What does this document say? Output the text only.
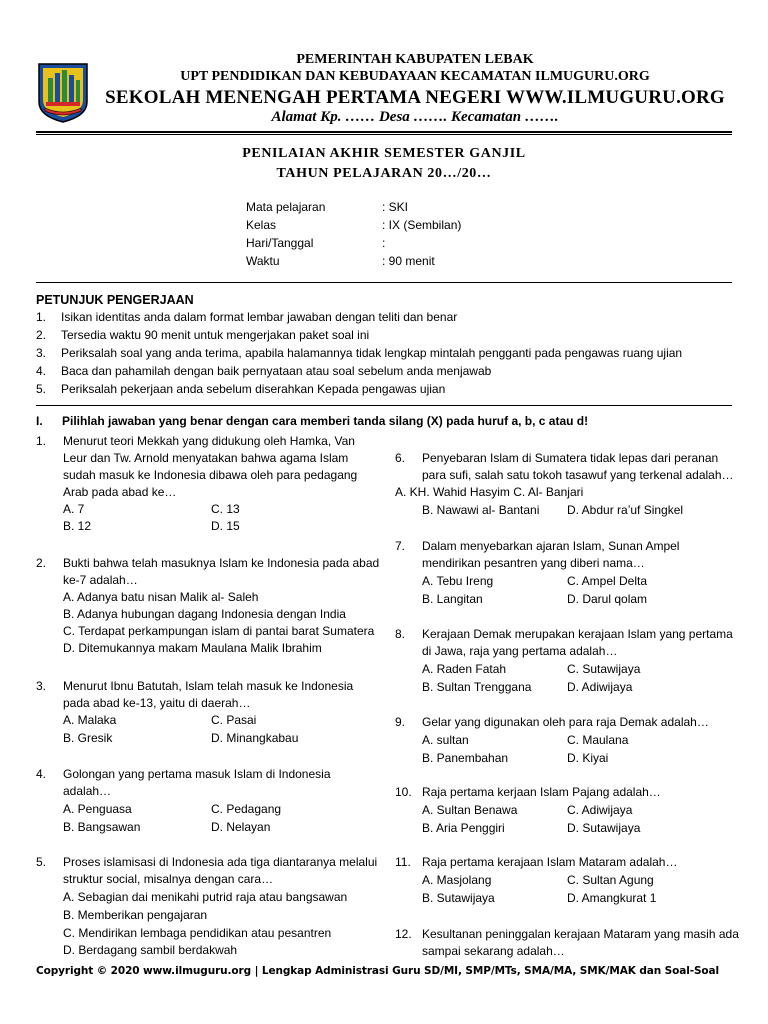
PEMERINTAH KABUPATEN LEBAK
UPT PENDIDIKAN DAN KEBUDAYAAN KECAMATAN ILMUGURU.ORG
SEKOLAH MENENGAH PERTAMA NEGERI WWW.ILMUGURU.ORG
Alamat Kp. …… Desa ……. Kecamatan …….
PENILAIAN AKHIR SEMESTER GANJIL
TAHUN PELAJARAN 20…/20…
Mata pelajaran	: SKI
Kelas	: IX (Sembilan)
Hari/Tanggal	:
Waktu	: 90 menit
PETUNJUK PENGERJAAN
1. Isikan identitas anda dalam format lembar jawaban dengan teliti dan benar
2. Tersedia waktu 90 menit untuk mengerjakan paket soal ini
3. Periksalah soal yang anda terima, apabila halamannya tidak lengkap mintalah pengganti pada pengawas ruang ujian
4. Baca dan pahamilah dengan baik pernyataan atau soal sebelum anda menjawab
5. Periksalah pekerjaan anda sebelum diserahkan Kepada pengawas ujian
I. Pilihlah jawaban yang benar dengan cara memberi tanda silang (X) pada huruf a, b, c atau d!
1. Menurut teori Mekkah yang didukung oleh Hamka, Van
Leur dan Tw. Arnold menyatakan bahwa agama Islam
sudah masuk ke Indonesia dibawa oleh para pedagang
Arab pada abad ke…
A. 7	C. 13
B. 12	D. 15
2. Bukti bahwa telah masuknya Islam ke Indonesia pada abad
ke-7 adalah…
A. Adanya batu nisan Malik al- Saleh
B. Adanya hubungan dagang Indonesia dengan India
C. Terdapat perkampungan islam di pantai barat Sumatera
D. Ditemukannya makam Maulana Malik Ibrahim
3. Menurut Ibnu Batutah, Islam telah masuk ke Indonesia
pada abad ke-13, yaitu di daerah…
A. Malaka	C. Pasai
B. Gresik	D. Minangkabau
4. Golongan yang pertama masuk Islam di Indonesia
adalah…
A. Penguasa	C. Pedagang
B. Bangsawan	D. Nelayan
5. Proses islamisasi di Indonesia ada tiga diantaranya melalui
struktur social, misalnya dengan cara…
A. Sebagian dai menikahi putrid raja atau bangsawan
B. Memberikan pengajaran
C. Mendirikan lembaga pendidikan atau pesantren
D. Berdagang sambil berdakwah
6. Penyebaran Islam di Sumatera tidak lepas dari peranan
para sufi, salah satu tokoh tasawuf yang terkenal adalah…
A. KH. Wahid Hasyim C. Al- Banjari
B. Nawawi al- Bantani D. Abdur ra’uf Singkel
7. Dalam menyebarkan ajaran Islam, Sunan Ampel
mendirikan pesantren yang diberi nama…
A. Tebu Ireng	C. Ampel Delta
B. Langitan	D. Darul qolam
8. Kerajaan Demak merupakan kerajaan Islam yang pertama
di Jawa, raja yang pertama adalah…
A. Raden Fatah	C. Sutawijaya
B. Sultan Trenggana	D. Adiwijaya
9. Gelar yang digunakan oleh para raja Demak adalah…
A. sultan	C. Maulana
B. Panembahan	D. Kiyai
10. Raja pertama kerjaan Islam Pajang adalah…
A. Sultan Benawa	C. Adiwijaya
B. Aria Penggiri	D. Sutawijaya
11. Raja pertama kerajaan Islam Mataram adalah…
A. Masjolang	C. Sultan Agung
B. Sutawijaya	D. Amangkurat 1
12. Kesultanan peninggalan kerajaan Mataram yang masih ada
sampai sekarang adalah…
Copyright © 2020 www.ilmuguru.org | Lengkap Administrasi Guru SD/MI, SMP/MTs, SMA/MA, SMK/MAK dan Soal-Soal
